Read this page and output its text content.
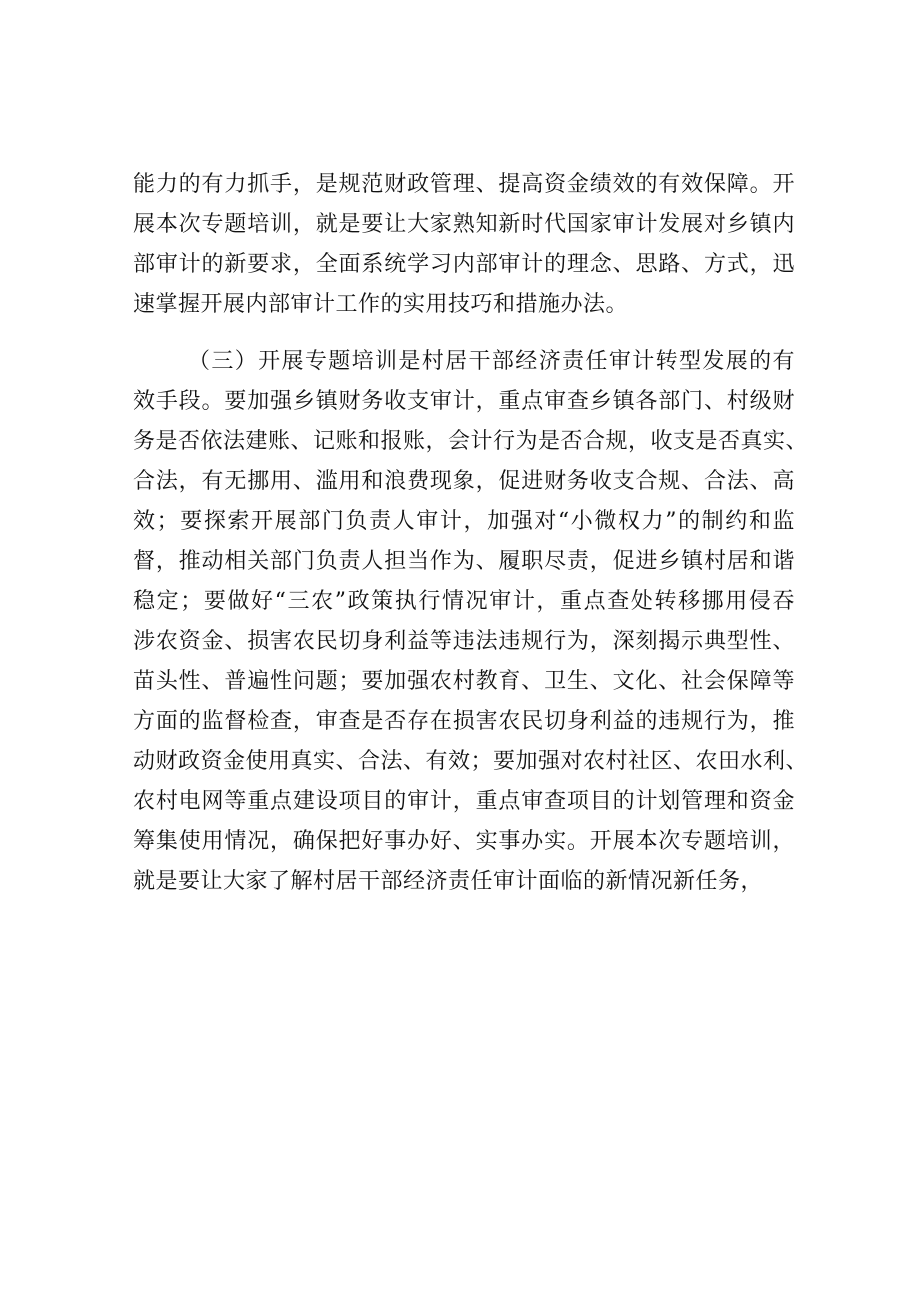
能力的有力抓手，是规范财政管理、提高资金绩效的有效保障。开
展本次专题培训，就是要让大家熟知新时代国家审计发展对乡镇内
部审计的新要求，全面系统学习内部审计的理念、思路、方式，迅
速掌握开展内部审计工作的实用技巧和措施办法。
（三）开展专题培训是村居干部经济责任审计转型发展的有
效手段。要加强乡镇财务收支审计，重点审查乡镇各部门、村级财
务是否依法建账、记账和报账，会计行为是否合规，收支是否真实、
合法，有无挪用、滥用和浪费现象，促进财务收支合规、合法、高
效；要探索开展部门负责人审计，加强对“小微权力”的制约和监
督，推动相关部门负责人担当作为、履职尽责，促进乡镇村居和谐
稳定；要做好“三农”政策执行情况审计，重点查处转移挪用侵吞
涉农资金、损害农民切身利益等违法违规行为，深刻揭示典型性、
苗头性、普遍性问题；要加强农村教育、卫生、文化、社会保障等
方面的监督检查，审查是否存在损害农民切身利益的违规行为，推
动财政资金使用真实、合法、有效；要加强对农村社区、农田水利、
农村电网等重点建设项目的审计，重点审查项目的计划管理和资金
筹集使用情况，确保把好事办好、实事办实。开展本次专题培训，
就是要让大家了解村居干部经济责任审计面临的新情况新任务，
